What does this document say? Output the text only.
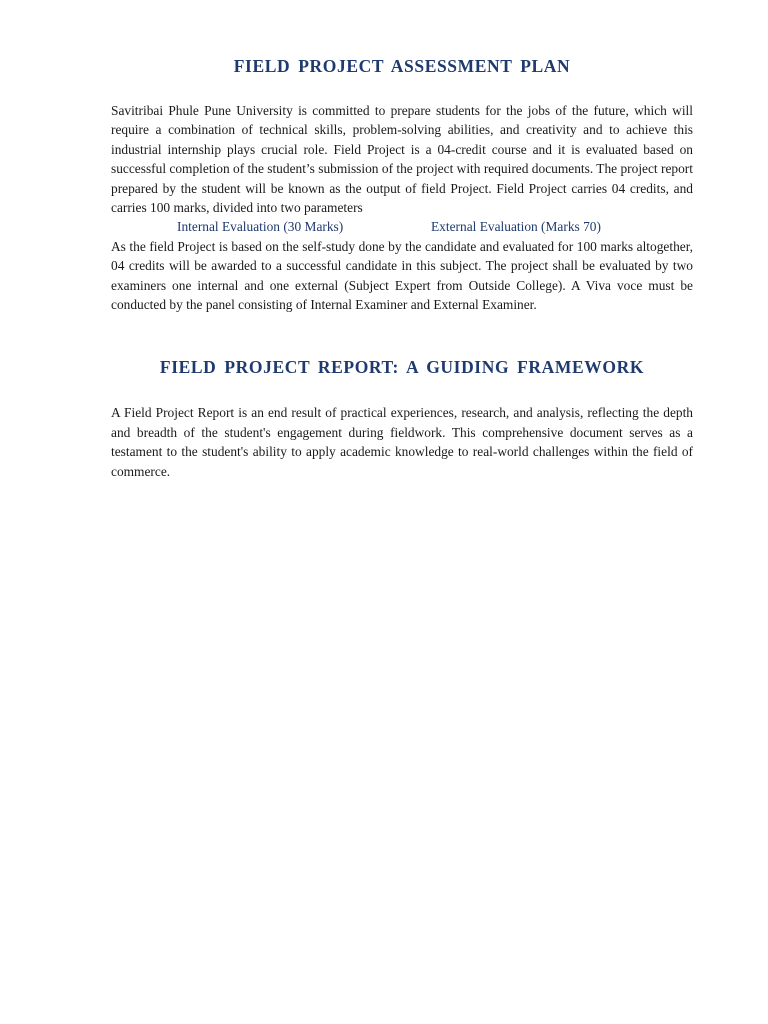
FIELD PROJECT ASSESSMENT PLAN

Savitribai Phule Pune University is committed to prepare students for the jobs of the future, which will require a combination of technical skills, problem-solving abilities, and creativity and to achieve this industrial internship plays crucial role. Field Project is a 04-credit course and it is evaluated based on successful completion of the student’s submission of the project with required documents. The project report prepared by the student will be known as the output of field Project. Field Project carries 04 credits, and carries 100 marks, divided into two parameters

Internal Evaluation (30 Marks)	External Evaluation (Marks 70)

As the field Project is based on the self-study done by the candidate and evaluated for 100 marks altogether, 04 credits will be awarded to a successful candidate in this subject. The project shall be evaluated by two examiners one internal and one external (Subject Expert from Outside College). A Viva voce must be conducted by the panel consisting of Internal Examiner and External Examiner.

FIELD PROJECT REPORT: A GUIDING FRAMEWORK

A Field Project Report is an end result of practical experiences, research, and analysis, reflecting the depth and breadth of the student's engagement during fieldwork. This comprehensive document serves as a testament to the student's ability to apply academic knowledge to real-world challenges within the field of commerce.
